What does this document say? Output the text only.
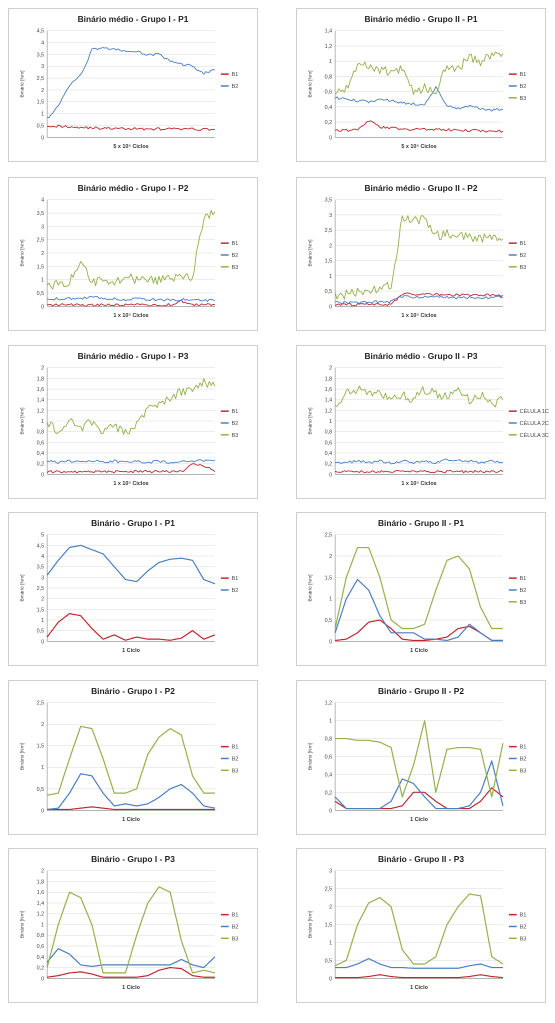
Binário médio - Grupo I - P1
0
0,5
1
1,5
2
2,5
3
3,5
4
4,5
5 x 10⁵ Ciclos
Binário [Nm]	B1
B2
Binário médio - Grupo II - P1
0
0,2
0,4
0,6
0,8
1
1,2
1,4
5 x 10⁵ Ciclos
Binário [Nm]	B1
B2
B3
Binário médio - Grupo I - P2
0
0,5
1
1,5
2
2,5
3
3,5
4
1 x 10⁵ Ciclos
Binário [Nm]	B1
B2
B3
Binário médio - Grupo II - P2
0
0,5
1
1,5
2
2,5
3
3,5
1 x 10⁵ Ciclos
Binário [Nm]	B1
B2
B3
Binário médio - Grupo I - P3
0
0,2
0,4
0,6
0,8
1
1,2
1,4
1,6
1,8
2
1 x 10⁵ Ciclos
Binário [Nm]	B1
B2
B3
Binário médio - Grupo II - P3
0
0,2
0,4
0,6
0,8
1
1,2
1,4
1,6
1,8
2
1 x 10⁵ Ciclos
Binário [Nm]	CÉLULA 1C
CÉLULA 2C
CÉLULA 3C
Binário - Grupo I - P1
0
0,5
1
1,5
2
2,5
3
3,5
4
4,5
5
1 Ciclo
Binário [Nm]	B1
B2
Binário - Grupo II - P1
0
0,5
1
1,5
2
2,5
1 Ciclo
Binário [Nm]	B1
B2
B3
Binário - Grupo I - P2
0
0,5
1
1,5
2
2,5
1 Ciclo
Binário [Nm]	B1
B2
B3
Binário - Grupo II - P2
0
0,2
0,4
0,6
0,8
1
1,2
1 Ciclo
Binário [Nm]	B1
B2
B3
Binário - Grupo I - P3
0
0,2
0,4
0,6
0,8
1
1,2
1,4
1,6
1,8
2
1 Ciclo
Binário [Nm]	B1
B2
B3
Binário - Grupo II - P3
0
0,5
1
1,5
2
2,5
3
1 Ciclo
Binário [Nm]	B1
B2
B3
